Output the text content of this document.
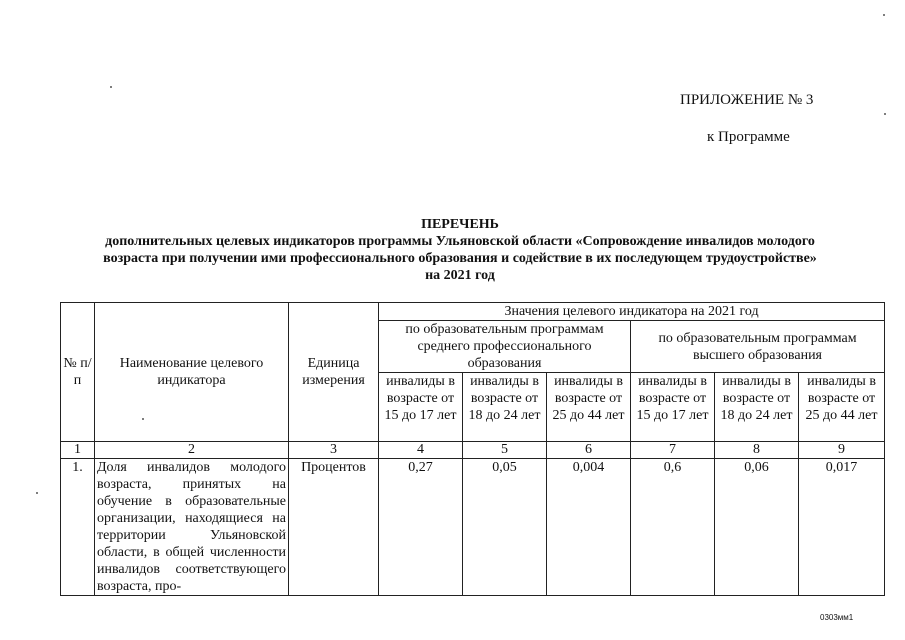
ПРИЛОЖЕНИЕ № 3
к Программе
ПЕРЕЧЕНЬ
дополнительных целевых индикаторов программы Ульяновской области «Сопровождение инвалидов молодого
возраста при получении ими профессионального образования и содействие в их последующем трудоустройстве»
на 2021 год
№ п/п	Наименование целевого индикатора	Единица измерения	Значения целевого индикатора на 2021 год					
			по образовательным программам среднего профессионального образования			по образовательным программам высшего образования		
			инвалиды в возрасте от 15 до 17 лет	инвалиды в возрасте от 18 до 24 лет	инвалиды в возрасте от 25 до 44 лет	инвалиды в возрасте от 15 до 17 лет	инвалиды в возрасте от 18 до 24 лет	инвалиды в возрасте от 25 до 44 лет
1	2	3	4	5	6	7	8	9
1.	Доля инвалидов молодого возраста, принятых на обучение в образовательные организации, находящиеся на территории Ульяновской области, в общей численности инвалидов соответствующего возраста, про-	Процентов	0,27	0,05	0,004	0,6	0,06	0,017
0303мм1
